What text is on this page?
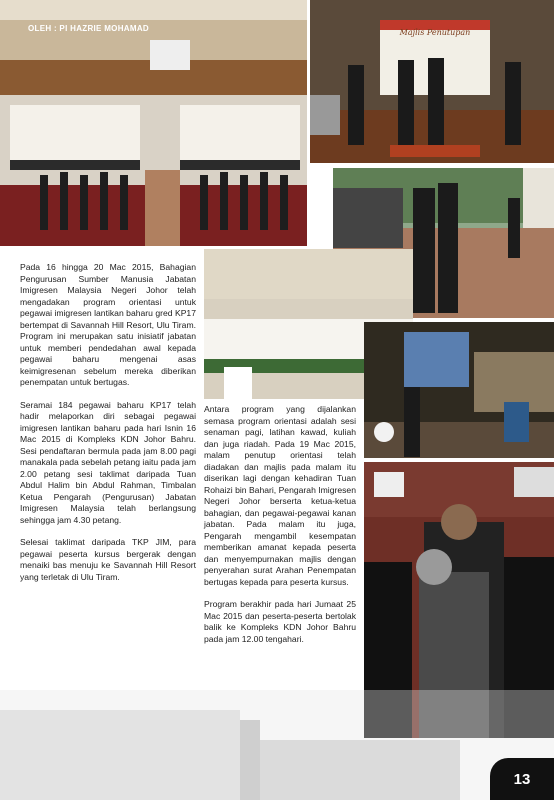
OLEH : PI HAZRIE MOHAMAD	Majlis Penutupan

Pada 16 hingga 20 Mac 2015, Bahagian Pengurusan Sumber Manusia Jabatan Imigresen Malaysia Negeri Johor telah mengadakan program orientasi untuk pegawai imigresen lantikan baharu gred KP17 bertempat di Savannah Hill Resort, Ulu Tiram. Program ini merupakan satu inisiatif jabatan untuk memberi pendedahan awal kepada pegawai baharu mengenai asas keimigresenan sebelum mereka diberikan penempatan untuk bertugas.

Seramai 184 pegawai baharu KP17 telah hadir melaporkan diri sebagai pegawai imigresen lantikan baharu pada hari Isnin 16 Mac 2015 di Kompleks KDN Johor Bahru. Sesi pendaftaran bermula pada jam 8.00 pagi manakala pada sebelah petang iaitu pada jam 2.00 petang sesi taklimat daripada Tuan Abdul Halim bin Abdul Rahman, Timbalan Ketua Pengarah (Pengurusan) Jabatan Imigresen Malaysia telah berlangsung sehingga jam 4.30 petang.

Selesai taklimat daripada TKP JIM, para pegawai peserta kursus bergerak dengan menaiki bas menuju ke Savannah Hill Resort yang terletak di Ulu Tiram.

Antara program yang dijalankan semasa program orientasi adalah sesi senaman pagi, latihan kawad, kuliah dan juga riadah. Pada 19 Mac 2015, malam penutup orientasi telah diadakan dan majlis pada malam itu diserikan lagi dengan kehadiran Tuan Rohaizi bin Bahari, Pengarah Imigresen Negeri Johor berserta ketua-ketua bahagian, dan pegawai-pegawai kanan jabatan. Pada malam itu juga, Pengarah mengambil kesempatan memberikan amanat kepada peserta dan menyempurnakan majlis dengan penyerahan surat Arahan Penempatan bertugas kepada para peserta kursus.

Program berakhir pada hari Jumaat 25 Mac 2015 dan peserta-peserta bertolak balik ke Kompleks KDN Johor Bahru pada jam 12.00 tengahari.

13
